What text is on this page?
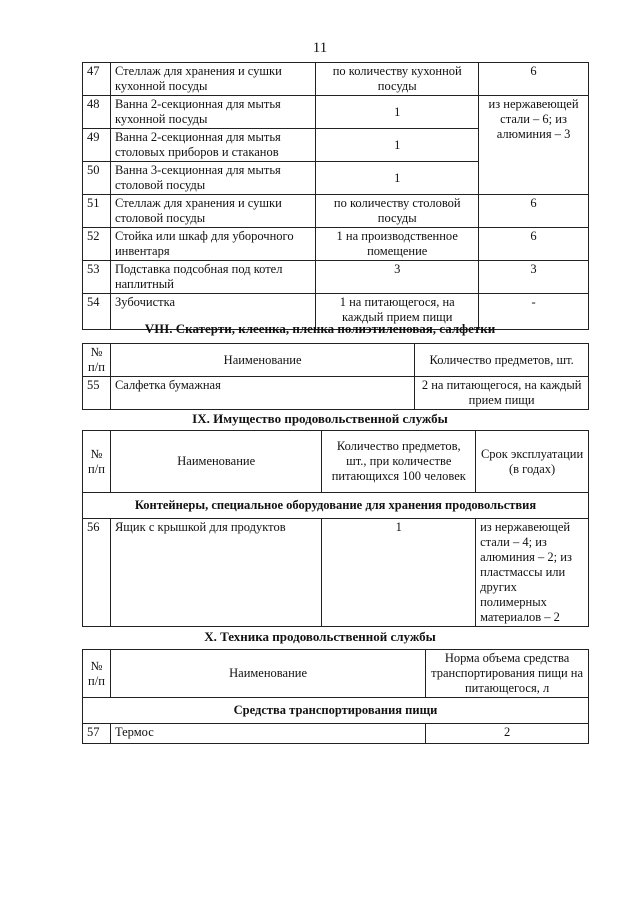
11
47	Стеллаж для хранения и сушки кухонной посуды	по количеству кухонной посуды	6
48	Ванна 2-секционная для мытья кухонной посуды	1	из нержавеющей стали – 6; из алюминия – 3
49	Ванна 2-секционная для мытья столовых приборов и стаканов	1	
50	Ванна 3-секционная для мытья столовой посуды	1	
51	Стеллаж для хранения и сушки столовой посуды	по количеству столовой посуды	6
52	Стойка или шкаф для уборочного инвентаря	1 на производственное помещение	6
53	Подставка подсобная под котел наплитный	3	3
54	Зубочистка	1 на питающегося, на каждый прием пищи	-
VIII. Скатерти, клеенка, пленка полиэтиленовая, салфетки
№ п/п	Наименование	Количество предметов, шт.
55	Салфетка бумажная	2 на питающегося, на каждый прием пищи
IX. Имущество продовольственной службы
№ п/п	Наименование	Количество предметов, шт., при количестве питающихся 100 человек	Срок эксплуатации (в годах)
Контейнеры, специальное оборудование для хранения продовольствия			
56	Ящик с крышкой для продуктов	1	из нержавеющей стали – 4; из алюминия – 2; из пластмассы или других полимерных материалов – 2
X. Техника продовольственной службы
№ п/п	Наименование	Норма объема средства транспортирования пищи на питающегося, л
Средства транспортирования пищи		
57	Термос	2
